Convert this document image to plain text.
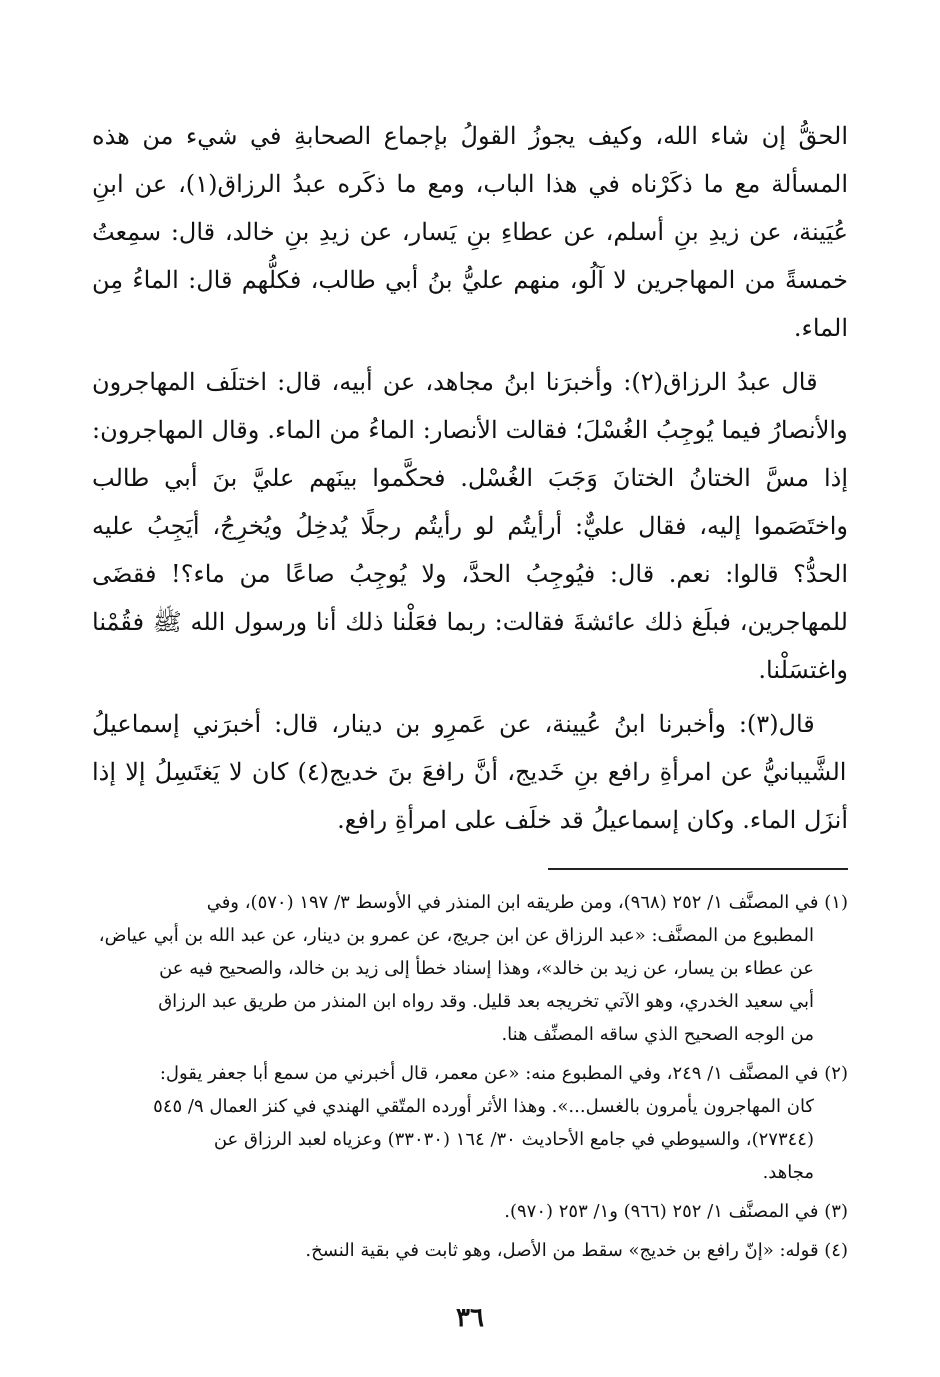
الحقُّ إن شاء الله، وكيف يجوزُ القولُ بإجماع الصحابةِ في شيء من هذه المسألة مع ما ذكَرْناه في هذا الباب، ومع ما ذكَره عبدُ الرزاق(١)، عن ابنِ عُيَينة، عن زيدِ بنِ أسلم، عن عطاءِ بنِ يَسار، عن زيدِ بنِ خالد، قال: سمِعتُ خمسةً من المهاجرين لا آلُو، منهم عليُّ بنُ أبي طالب، فكلُّهم قال: الماءُ مِن الماء.

قال عبدُ الرزاق(٢): وأخبرَنا ابنُ مجاهد، عن أبيه، قال: اختلَف المهاجرون والأنصارُ فيما يُوجِبُ الغُسْلَ؛ فقالت الأنصار: الماءُ من الماء. وقال المهاجرون: إذا مسَّ الختانُ الختانَ وَجَبَ الغُسْل. فحكَّموا بينَهم عليَّ بنَ أبي طالب واختَصَموا إليه، فقال عليٌّ: أرأيتُم لو رأيتُم رجلًا يُدخِلُ ويُخرِجُ، أيَجِبُ عليه الحدُّ؟ قالوا: نعم. قال: فيُوجِبُ الحدَّ، ولا يُوجِبُ صاعًا من ماء؟! فقضَى للمهاجرين، فبلَغ ذلك عائشةَ فقالت: ربما فعَلْنا ذلك أنا ورسول الله ﷺ فقُمْنا واغتسَلْنا.

قال(٣): وأخبرنا ابنُ عُيينة، عن عَمرِو بن دينار، قال: أخبرَني إسماعيلُ الشَّيبانيُّ عن امرأةِ رافع بنِ خَديج، أنَّ رافعَ بنَ خديج(٤) كان لا يَغتَسِلُ إلا إذا أنزَل الماء. وكان إسماعيلُ قد خلَف على امرأةِ رافع.

(١) في المصنَّف ١/ ٢٥٢ (٩٦٨)، ومن طريقه ابن المنذر في الأوسط ٣/ ١٩٧ (٥٧٠)، وفي
المطبوع من المصنَّف: «عبد الرزاق عن ابن جريج، عن عمرو بن دينار، عن عبد الله بن أبي عياض،
عن عطاء بن يسار، عن زيد بن خالد»، وهذا إسناد خطأ إلى زيد بن خالد، والصحيح فيه عن
أبي سعيد الخدري، وهو الآتي تخريجه بعد قليل. وقد رواه ابن المنذر من طريق عبد الرزاق
من الوجه الصحيح الذي ساقه المصنِّف هنا.
(٢) في المصنَّف ١/ ٢٤٩، وفي المطبوع منه: «عن معمر، قال أخبرني من سمع أبا جعفر يقول:
كان المهاجرون يأمرون بالغسل...». وهذا الأثر أورده المتّقي الهندي في كنز العمال ٩/ ٥٤٥
(٢٧٣٤٤)، والسيوطي في جامع الأحاديث ٣٠/ ١٦٤ (٣٣٠٣٠) وعزياه لعبد الرزاق عن
مجاهد.
(٣) في المصنَّف ١/ ٢٥٢ (٩٦٦) و١/ ٢٥٣ (٩٧٠).
(٤) قوله: «إنّ رافع بن خديج» سقط من الأصل، وهو ثابت في بقية النسخ.
٣٦
